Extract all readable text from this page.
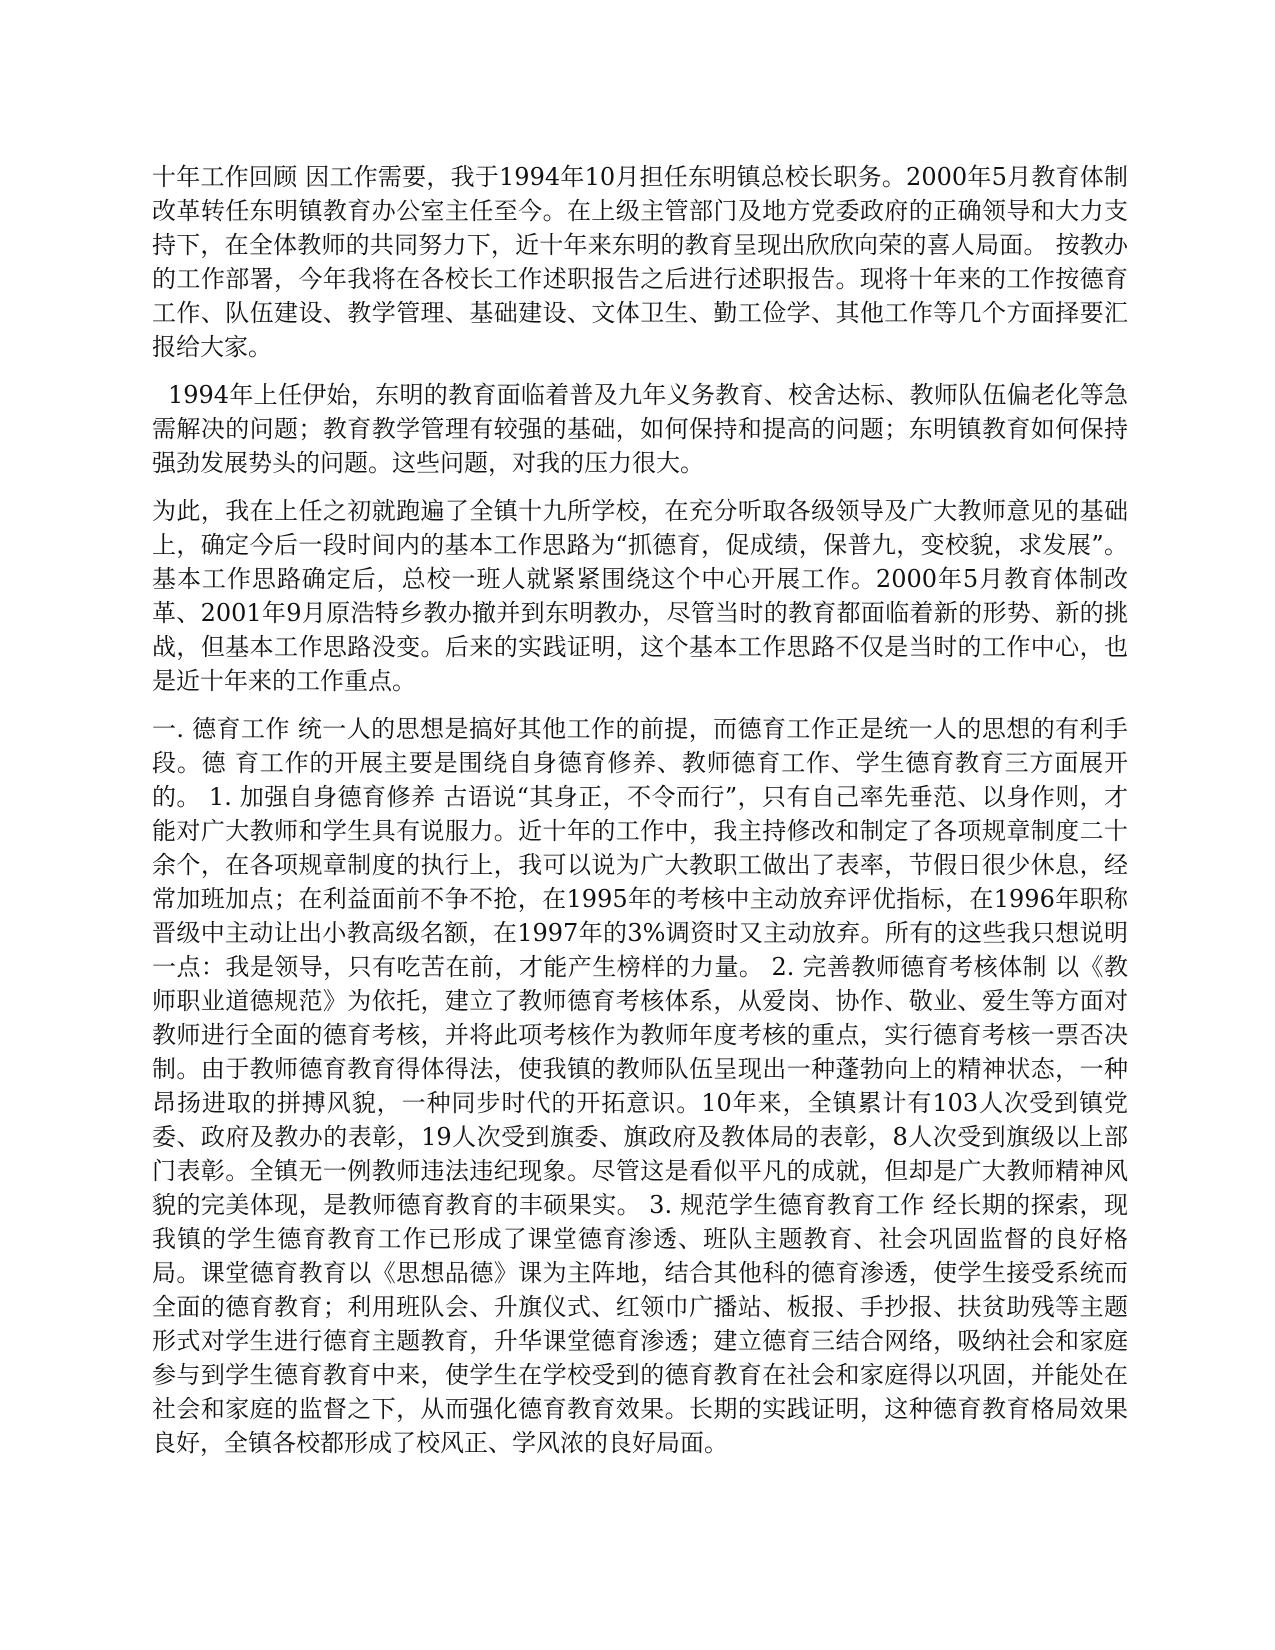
十年工作回顾 因工作需要，我于1994年10月担任东明镇总校长职务。2000年5月教育体制改革转任东明镇教育办公室主任至今。在上级主管部门及地方党委政府的正确领导和大力支持下，在全体教师的共同努力下，近十年来东明的教育呈现出欣欣向荣的喜人局面。 按教办的工作部署，今年我将在各校长工作述职报告之后进行述职报告。现将十年来的工作按德育工作、队伍建设、教学管理、基础建设、文体卫生、勤工俭学、其他工作等几个方面择要汇报给大家。

1994年上任伊始，东明的教育面临着普及九年义务教育、校舍达标、教师队伍偏老化等急需解决的问题；教育教学管理有较强的基础，如何保持和提高的问题；东明镇教育如何保持强劲发展势头的问题。这些问题，对我的压力很大。

为此，我在上任之初就跑遍了全镇十九所学校，在充分听取各级领导及广大教师意见的基础上，确定今后一段时间内的基本工作思路为“抓德育，促成绩，保普九，变校貌，求发展”。基本工作思路确定后，总校一班人就紧紧围绕这个中心开展工作。2000年5月教育体制改革、2001年9月原浩特乡教办撤并到东明教办，尽管当时的教育都面临着新的形势、新的挑战，但基本工作思路没变。后来的实践证明，这个基本工作思路不仅是当时的工作中心，也是近十年来的工作重点。

一. 德育工作 统一人的思想是搞好其他工作的前提，而德育工作正是统一人的思想的有利手段。德 育工作的开展主要是围绕自身德育修养、教师德育工作、学生德育教育三方面展开的。 1. 加强自身德育修养 古语说“其身正，不令而行”，只有自己率先垂范、以身作则，才能对广大教师和学生具有说服力。近十年的工作中，我主持修改和制定了各项规章制度二十余个，在各项规章制度的执行上，我可以说为广大教职工做出了表率，节假日很少休息，经常加班加点；在利益面前不争不抢，在1995年的考核中主动放弃评优指标，在1996年职称晋级中主动让出小教高级名额，在1997年的3%调资时又主动放弃。所有的这些我只想说明一点：我是领导，只有吃苦在前，才能产生榜样的力量。 2. 完善教师德育考核体制 以《教师职业道德规范》为依托，建立了教师德育考核体系，从爱岗、协作、敬业、爱生等方面对教师进行全面的德育考核，并将此项考核作为教师年度考核的重点，实行德育考核一票否决制。由于教师德育教育得体得法，使我镇的教师队伍呈现出一种蓬勃向上的精神状态，一种昂扬进取的拼搏风貌，一种同步时代的开拓意识。10年来，全镇累计有103人次受到镇党委、政府及教办的表彰，19人次受到旗委、旗政府及教体局的表彰，8人次受到旗级以上部门表彰。全镇无一例教师违法违纪现象。尽管这是看似平凡的成就，但却是广大教师精神风貌的完美体现，是教师德育教育的丰硕果实。 3. 规范学生德育教育工作 经长期的探索，现我镇的学生德育教育工作已形成了课堂德育渗透、班队主题教育、社会巩固监督的良好格局。课堂德育教育以《思想品德》课为主阵地，结合其他科的德育渗透，使学生接受系统而全面的德育教育；利用班队会、升旗仪式、红领巾广播站、板报、手抄报、扶贫助残等主题形式对学生进行德育主题教育，升华课堂德育渗透；建立德育三结合网络，吸纳社会和家庭参与到学生德育教育中来，使学生在学校受到的德育教育在社会和家庭得以巩固，并能处在社会和家庭的监督之下，从而强化德育教育效果。长期的实践证明，这种德育教育格局效果良好，全镇各校都形成了校风正、学风浓的良好局面。
